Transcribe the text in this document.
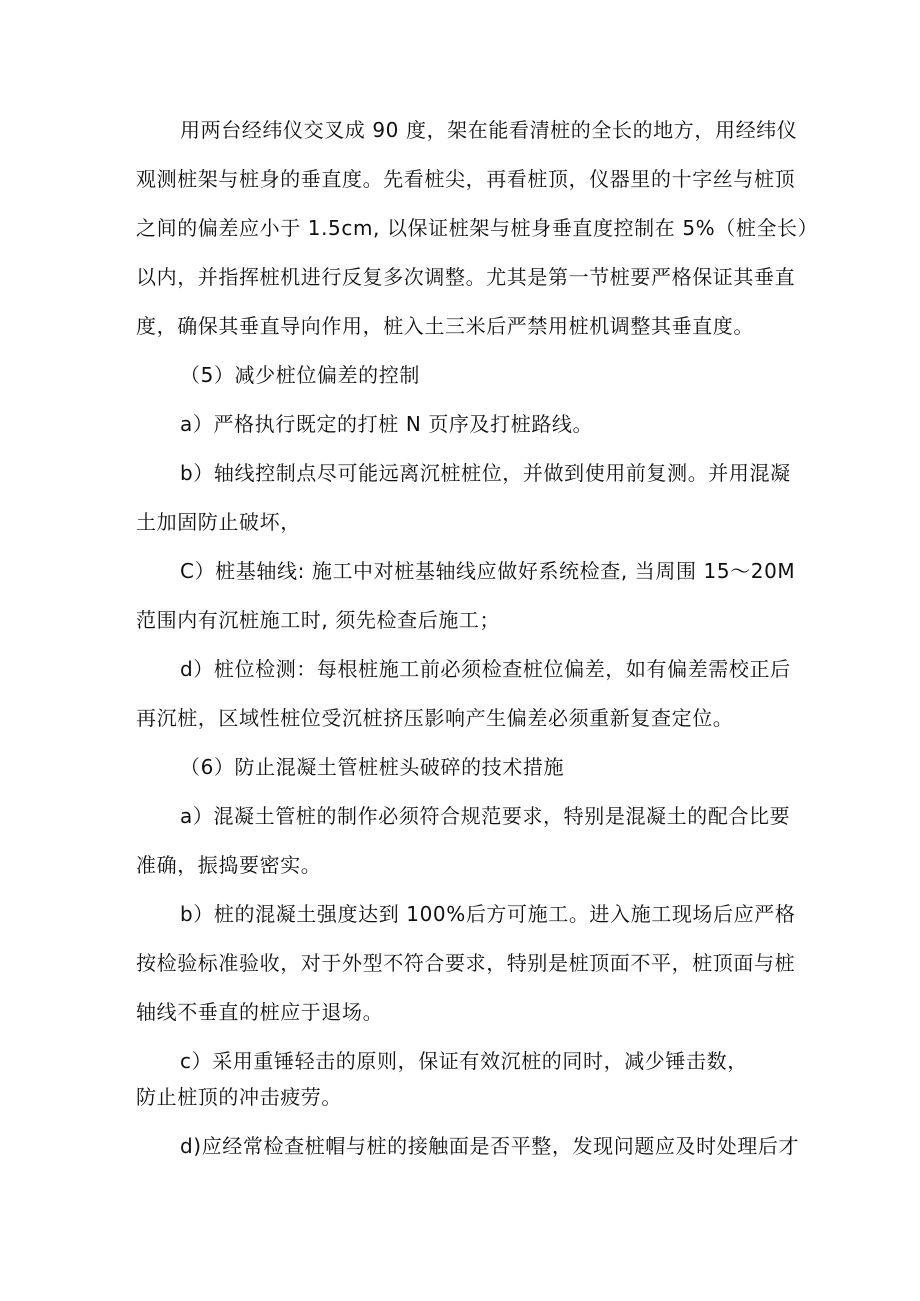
用两台经纬仪交叉成 90 度，架在能看清桩的全长的地方，用经纬仪
观测桩架与桩身的垂直度。先看桩尖，再看桩顶，仪器里的十字丝与桩顶
之间的偏差应小于 1.5cm, 以保证桩架与桩身垂直度控制在 5%（桩全长）
以内，并指挥桩机进行反复多次调整。尤其是第一节桩要严格保证其垂直
度，确保其垂直导向作用，桩入土三米后严禁用桩机调整其垂直度。
（5）减少桩位偏差的控制
a）严格执行既定的打桩 N 页序及打桩路线。
b）轴线控制点尽可能远离沉桩桩位，并做到使用前复测。并用混凝
土加固防止破坏，
C）桩基轴线: 施工中对桩基轴线应做好系统检查, 当周围 15～20M
范围内有沉桩施工时, 须先检查后施工；
d）桩位检测：每根桩施工前必须检查桩位偏差，如有偏差需校正后
再沉桩，区域性桩位受沉桩挤压影响产生偏差必须重新复查定位。
（6）防止混凝土管桩桩头破碎的技术措施
a）混凝土管桩的制作必须符合规范要求，特别是混凝土的配合比要
准确，振捣要密实。
b）桩的混凝土强度达到 100%后方可施工。进入施工现场后应严格
按检验标准验收，对于外型不符合要求，特别是桩顶面不平，桩顶面与桩
轴线不垂直的桩应于退场。
c）采用重锤轻击的原则，保证有效沉桩的同时，减少锤击数，
防止桩顶的冲击疲劳。
d)应经常检查桩帽与桩的接触面是否平整，发现问题应及时处理后才
